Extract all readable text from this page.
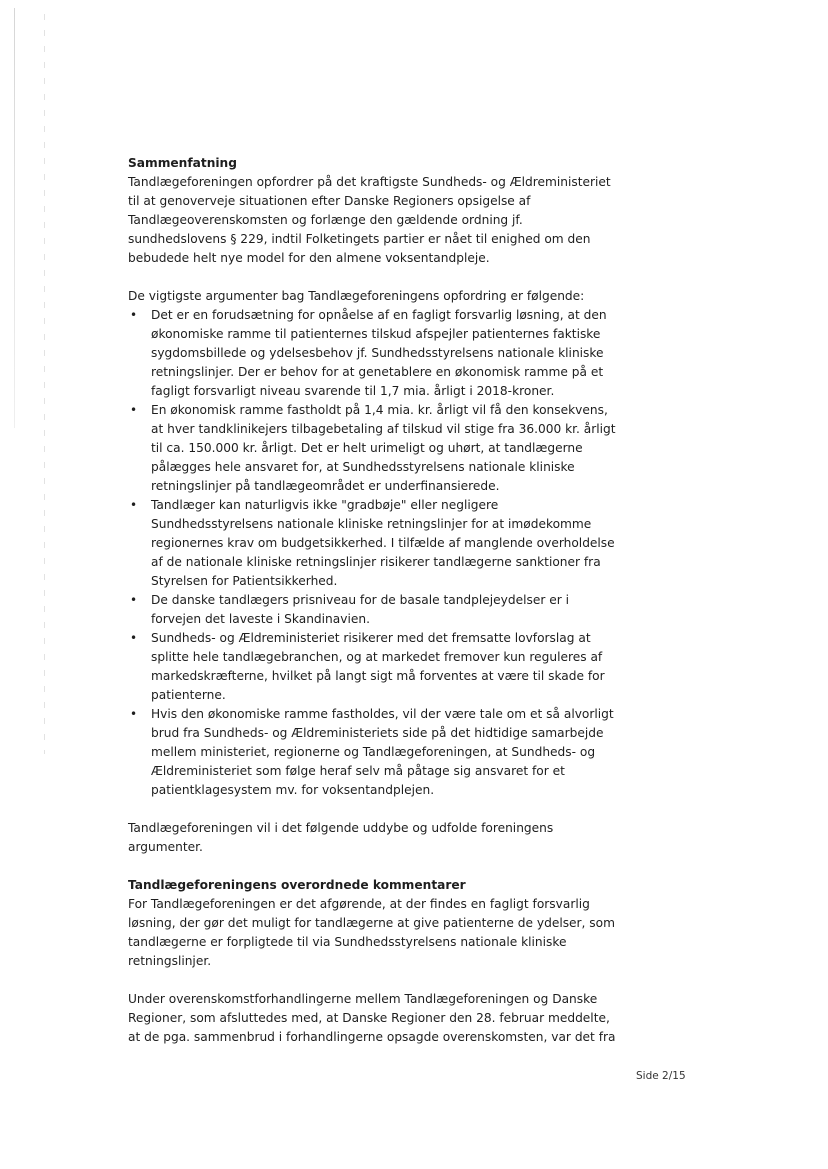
Sammenfatning

Tandlægeforeningen opfordrer på det kraftigste Sundheds- og Ældreministeriet til at genoverveje situationen efter Danske Regioners opsigelse af Tandlægeoverenskomsten og forlænge den gældende ordning jf. sundhedslovens § 229, indtil Folketingets partier er nået til enighed om den bebudede helt nye model for den almene voksentandpleje.

De vigtigste argumenter bag Tandlægeforeningens opfordring er følgende:

• Det er en forudsætning for opnåelse af en fagligt forsvarlig løsning, at den økonomiske ramme til patienternes tilskud afspejler patienternes faktiske sygdomsbillede og ydelsesbehov jf. Sundhedsstyrelsens nationale kliniske retningslinjer. Der er behov for at genetablere en økonomisk ramme på et fagligt forsvarligt niveau svarende til 1,7 mia. årligt i 2018-kroner.
• En økonomisk ramme fastholdt på 1,4 mia. kr. årligt vil få den konsekvens, at hver tandklinikejers tilbagebetaling af tilskud vil stige fra 36.000 kr. årligt til ca. 150.000 kr. årligt. Det er helt urimeligt og uhørt, at tandlægerne pålægges hele ansvaret for, at Sundhedsstyrelsens nationale kliniske retningslinjer på tandlægeområdet er underfinansierede.
• Tandlæger kan naturligvis ikke "gradbøje" eller negligere Sundhedsstyrelsens nationale kliniske retningslinjer for at imødekomme regionernes krav om budgetsikkerhed. I tilfælde af manglende overholdelse af de nationale kliniske retningslinjer risikerer tandlægerne sanktioner fra Styrelsen for Patientsikkerhed.
• De danske tandlægers prisniveau for de basale tandplejeydelser er i forvejen det laveste i Skandinavien.
• Sundheds- og Ældreministeriet risikerer med det fremsatte lovforslag at splitte hele tandlægebranchen, og at markedet fremover kun reguleres af markedskræfterne, hvilket på langt sigt må forventes at være til skade for patienterne.
• Hvis den økonomiske ramme fastholdes, vil der være tale om et så alvorligt brud fra Sundheds- og Ældreministeriets side på det hidtidige samarbejde mellem ministeriet, regionerne og Tandlægeforeningen, at Sundheds- og Ældreministeriet som følge heraf selv må påtage sig ansvaret for et patientklagesystem mv. for voksentandplejen.

Tandlægeforeningen vil i det følgende uddybe og udfolde foreningens argumenter.

Tandlægeforeningens overordnede kommentarer

For Tandlægeforeningen er det afgørende, at der findes en fagligt forsvarlig løsning, der gør det muligt for tandlægerne at give patienterne de ydelser, som tandlægerne er forpligtede til via Sundhedsstyrelsens nationale kliniske retningslinjer.

Under overenskomstforhandlingerne mellem Tandlægeforeningen og Danske Regioner, som afsluttedes med, at Danske Regioner den 28. februar meddelte, at de pga. sammenbrud i forhandlingerne opsagde overenskomsten, var det fra

Side 2/15
